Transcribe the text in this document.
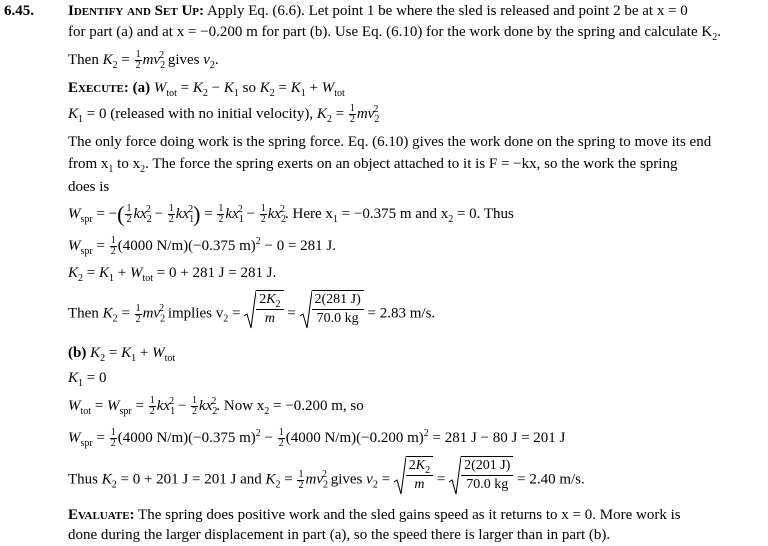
6.45. Identify and Set Up: Apply Eq. (6.6). Let point 1 be where the sled is released and point 2 be at x = 0
for part (a) and at x = −0.200 m for part (b). Use Eq. (6.10) for the work done by the spring and calculate $K_2$.
Then $K_2 = \frac{1}{2} mv_2^2$ gives $v_2$.
Execute: (a) $W_{tot} = K_2 - K_1$ so $K_2 = K_1 + W_{tot}$
$K_1 = 0$ (released with no initial velocity), $K_2 = \frac{1}{2} mv_2^2$
The only force doing work is the spring force. Eq. (6.10) gives the work done on the spring to move its end
from $x_1$ to $x_2$. The force the spring exerts on an object attached to it is F = −kx, so the work the spring
does is
$W_{spr}$ = −( $\frac{1}{2} kx_2^2 - \frac{1}{2} kx_1^2) = \frac{1}{2} kx_1^2 - \frac{1}{2} kx_2^2$. Here $x_1 = -0.375$ m and $x_2 = 0$. Thus
$W_{spr} = \frac{1}{2} (4000$ N/m)(−0.375 m)$^2$ − 0 = 281 J.
$K_2 = K_1 + W_{tot} = 0 + 281$ J = 281 J.
Then $K_2 = \frac{1}{2} mv_2^2$ implies $v_2 = \frac{2K_2}{m} = \frac{2(281 J)}{70.0 kg} = 2.83$ m/s.
(b) $K_2 = K_1 + W_{tot}$
$K_1 = 0$
$W_{tot} = W_{spr} = \frac{1}{2} kx_1^2 - \frac{1}{2} kx_2^2$. Now $x_2 = -0.200$ m, so
$W_{spr} = \frac{1}{2} (4000$ N/m)(−0.375 $m)^2 - \frac{1}{2} (4000$ N/m)(−0.200 m)$^2$ = 281 J − 80 J = 201 J
Thus $K_2 = 0 + 201$ J = 201 J and $K_2 = \frac{1}{2} mv_2^2$ gives $v_2 = \frac{2K_2}{m} = \frac{2(201 J)}{70.0 kg} = 2.40$ m/s.
Evaluate: The spring does positive work and the sled gains speed as it returns to x = 0. More work is
done during the larger displacement in part (a), so the speed there is larger than in part (b).
